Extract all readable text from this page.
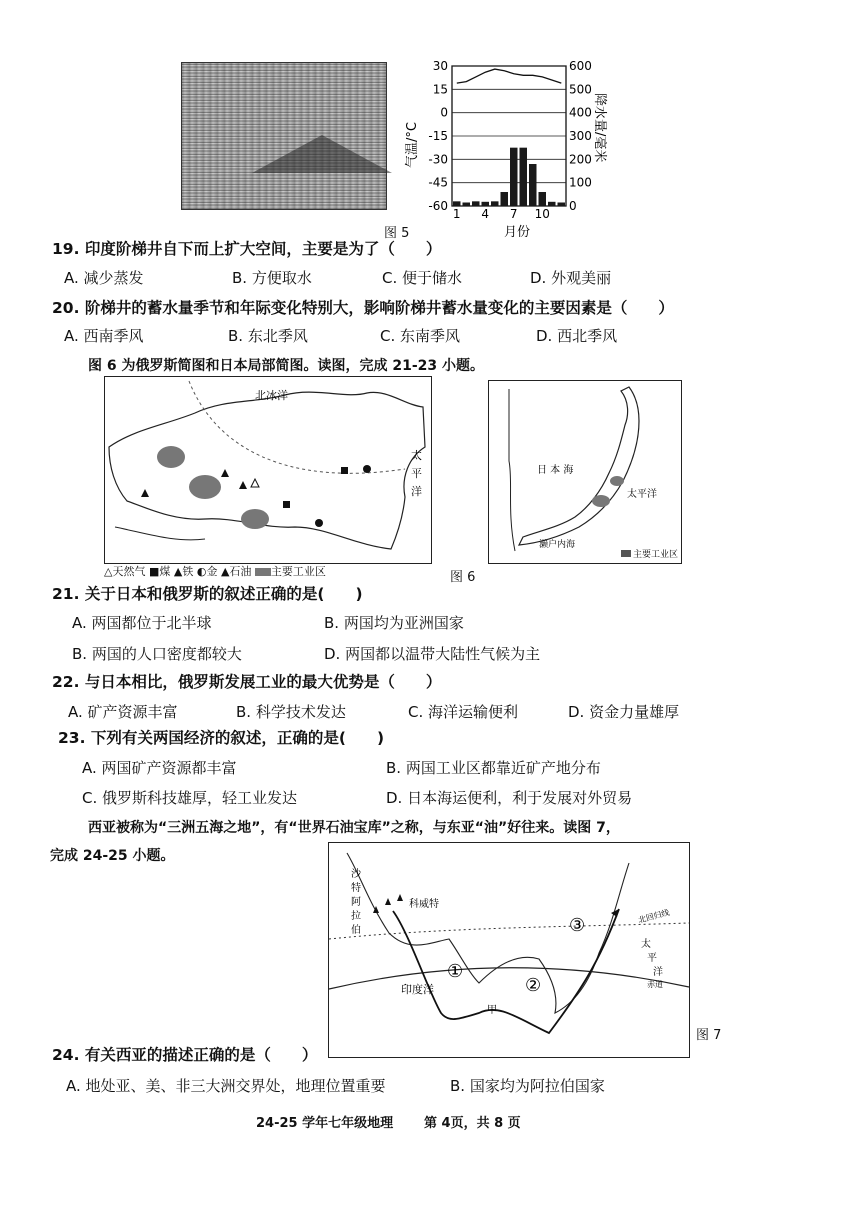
30
15
0
-15
-30
-45
-60
600
500
400
300
200
100
0
1 4 7 10
气温/°C	降水量/毫米
月份
图 5
19. 印度阶梯井自下而上扩大空间，主要是为了（　　）
A. 减少蒸发	B. 方便取水	C. 便于储水	D. 外观美丽
20. 阶梯井的蓄水量季节和年际变化特别大，影响阶梯井蓄水量变化的主要因素是（　　）
A. 西南季风	B. 东北季风	C. 东南季风	D. 西北季风
图 6 为俄罗斯简图和日本局部简图。读图，完成 21-23 小题。
北冰洋
太
平
洋
△天然气 ■煤 ▲铁 ◐金 ▲石油 主要工业区
日 本 海
太平洋
濑户内海
主要工业区
图 6
21. 关于日本和俄罗斯的叙述正确的是(　　)
A. 两国都位于北半球	B. 两国均为亚洲国家
B. 两国的人口密度都较大	D. 两国都以温带大陆性气候为主
22. 与日本相比，俄罗斯发展工业的最大优势是（　　）
A. 矿产资源丰富	B. 科学技术发达	C. 海洋运输便利	D. 资金力量雄厚
23. 下列有关两国经济的叙述，正确的是(　　)
A. 两国矿产资源都丰富	B. 两国工业区都靠近矿产地分布
C. 俄罗斯科技雄厚，轻工业发达	D. 日本海运便利，利于发展对外贸易
西亚被称为“三洲五海之地”，有“世界石油宝库”之称，与东亚“油”好往来。读图 7，
完成 24-25 小题。
沙
特
阿
拉
伯
科威特
印度洋
北回归线
赤道
太
平
洋
甲
①
②
③
图 7
24. 有关西亚的描述正确的是（　　）
A. 地处亚、美、非三大洲交界处，地理位置重要	B. 国家均为阿拉伯国家
24-25 学年七年级地理 第 4页，共 8 页
